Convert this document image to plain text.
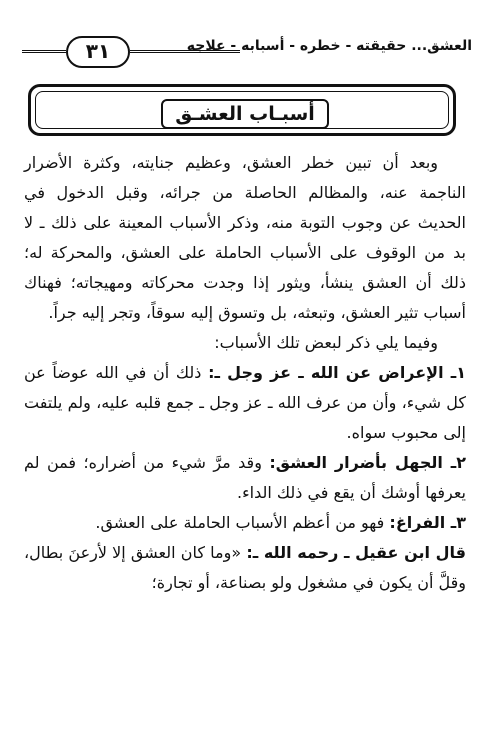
٣١	العشق... حقيقته - خطره - أسبابه - علاجه
أسبـاب العشـق

وبعد أن تبين خطر العشق، وعظيم جنايته، وكثرة الأضرار الناجمة عنه، والمظالم الحاصلة من جرائه، وقبل الدخول في الحديث عن وجوب التوبة منه، وذكر الأسباب المعينة على ذلك ـ لا بد من الوقوف على الأسباب الحاملة على العشق، والمحركة له؛ ذلك أن العشق ينشأ، ويثور إذا وجدت محركاته ومهيجاته؛ فهناك أسباب تثير العشق، وتبعثه، بل وتسوق إليه سوقاً، وتجر إليه جراً.

وفيما يلي ذكر لبعض تلك الأسباب:

١ـ الإعراض عن الله ـ عز وجل ـ: ذلك أن في الله عوضاً عن كل شيء، وأن من عرف الله ـ عز وجل ـ جمع قلبه عليه، ولم يلتفت إلى محبوب سواه.

٢ـ الجهل بأضرار العشق: وقد مرَّ شيء من أضراره؛ فمن لم يعرفها أوشك أن يقع في ذلك الداء.

٣ـ الفراغ: فهو من أعظم الأسباب الحاملة على العشق.

قال ابن عقيل ـ رحمه الله ـ: «وما كان العشق إلا لأرعنَ بطال، وقلَّ أن يكون في مشغول ولو بصناعة، أو تجارة؛
